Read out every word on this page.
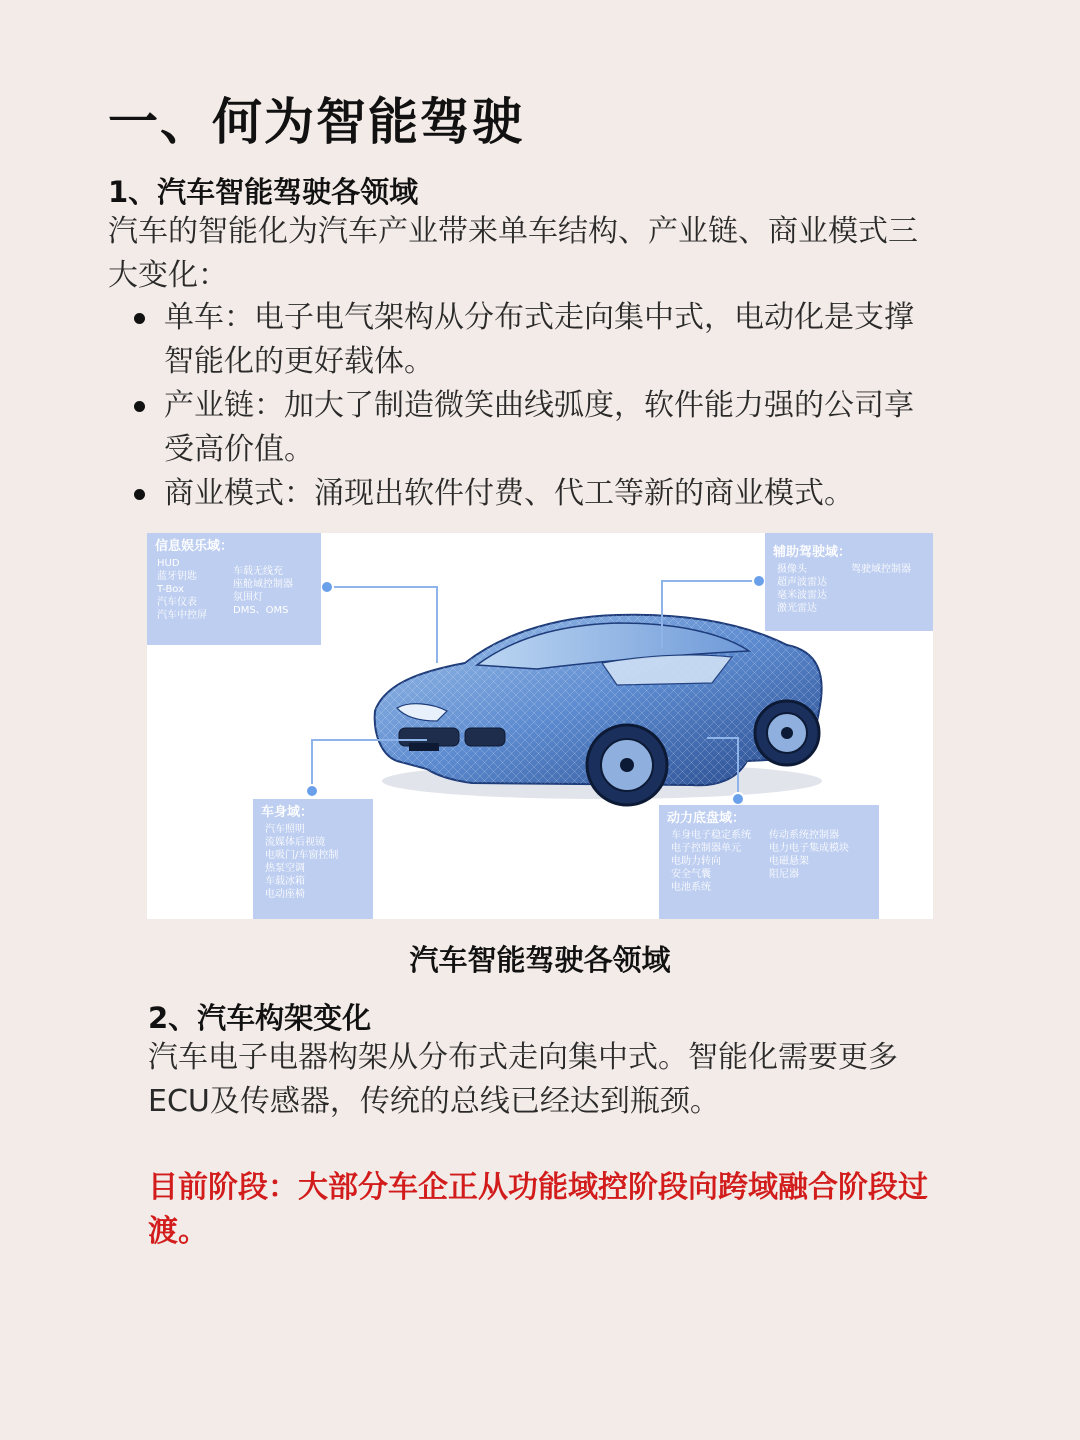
一、何为智能驾驶
1、汽车智能驾驶各领域

汽车的智能化为汽车产业带来单车结构、产业链、商业模式三
大变化：

单车：电子电气架构从分布式走向集中式，电动化是支撑
智能化的更好载体。
产业链：加大了制造微笑曲线弧度，软件能力强的公司享
受高价值。
商业模式：涌现出软件付费、代工等新的商业模式。
信息娱乐域：
HUD
蓝牙钥匙
T-Box
汽车仪表
汽车中控屏
车载无线充
座舱域控制器
氛围灯
DMS、OMS
辅助驾驶域：
摄像头
超声波雷达
毫米波雷达
激光雷达
驾驶域控制器
车身域：
汽车照明
流媒体后视镜
电吸门/车窗控制
热泵空调
车载冰箱
电动座椅
动力底盘域：
车身电子稳定系统
电子控制器单元
电助力转向
安全气囊
电池系统
传动系统控制器
电力电子集成模块
电磁悬架
阻尼器

汽车智能驾驶各领域

2、汽车构架变化

汽车电子电器构架从分布式走向集中式。智能化需要更多
ECU及传感器，传统的总线已经达到瓶颈。

目前阶段：大部分车企正从功能域控阶段向跨域融合阶段过
渡。
